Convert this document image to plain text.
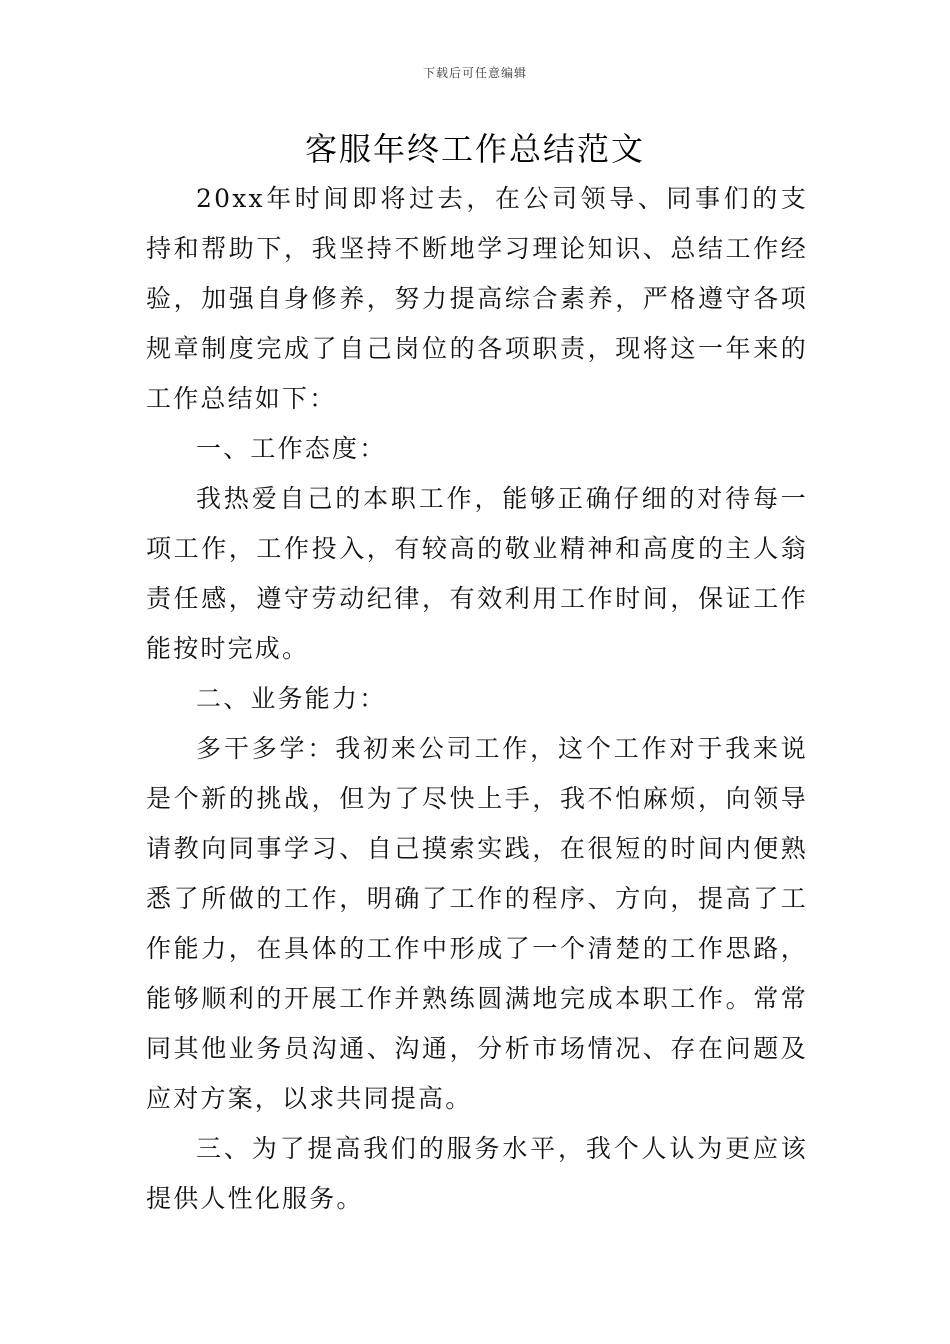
下载后可任意编辑
客服年终工作总结范文

20xx年时间即将过去，在公司领导、同事们的支持和帮助下，我坚持不断地学习理论知识、总结工作经验，加强自身修养，努力提高综合素养，严格遵守各项规章制度完成了自己岗位的各项职责，现将这一年来的工作总结如下：

一、工作态度：

我热爱自己的本职工作，能够正确仔细的对待每一项工作，工作投入，有较高的敬业精神和高度的主人翁责任感，遵守劳动纪律，有效利用工作时间，保证工作能按时完成。

二、业务能力：

多干多学：我初来公司工作，这个工作对于我来说是个新的挑战，但为了尽快上手，我不怕麻烦，向领导请教向同事学习、自己摸索实践，在很短的时间内便熟悉了所做的工作，明确了工作的程序、方向，提高了工作能力，在具体的工作中形成了一个清楚的工作思路，能够顺利的开展工作并熟练圆满地完成本职工作。常常同其他业务员沟通、沟通，分析市场情况、存在问题及应对方案，以求共同提高。

三、为了提高我们的服务水平，我个人认为更应该提供人性化服务。
